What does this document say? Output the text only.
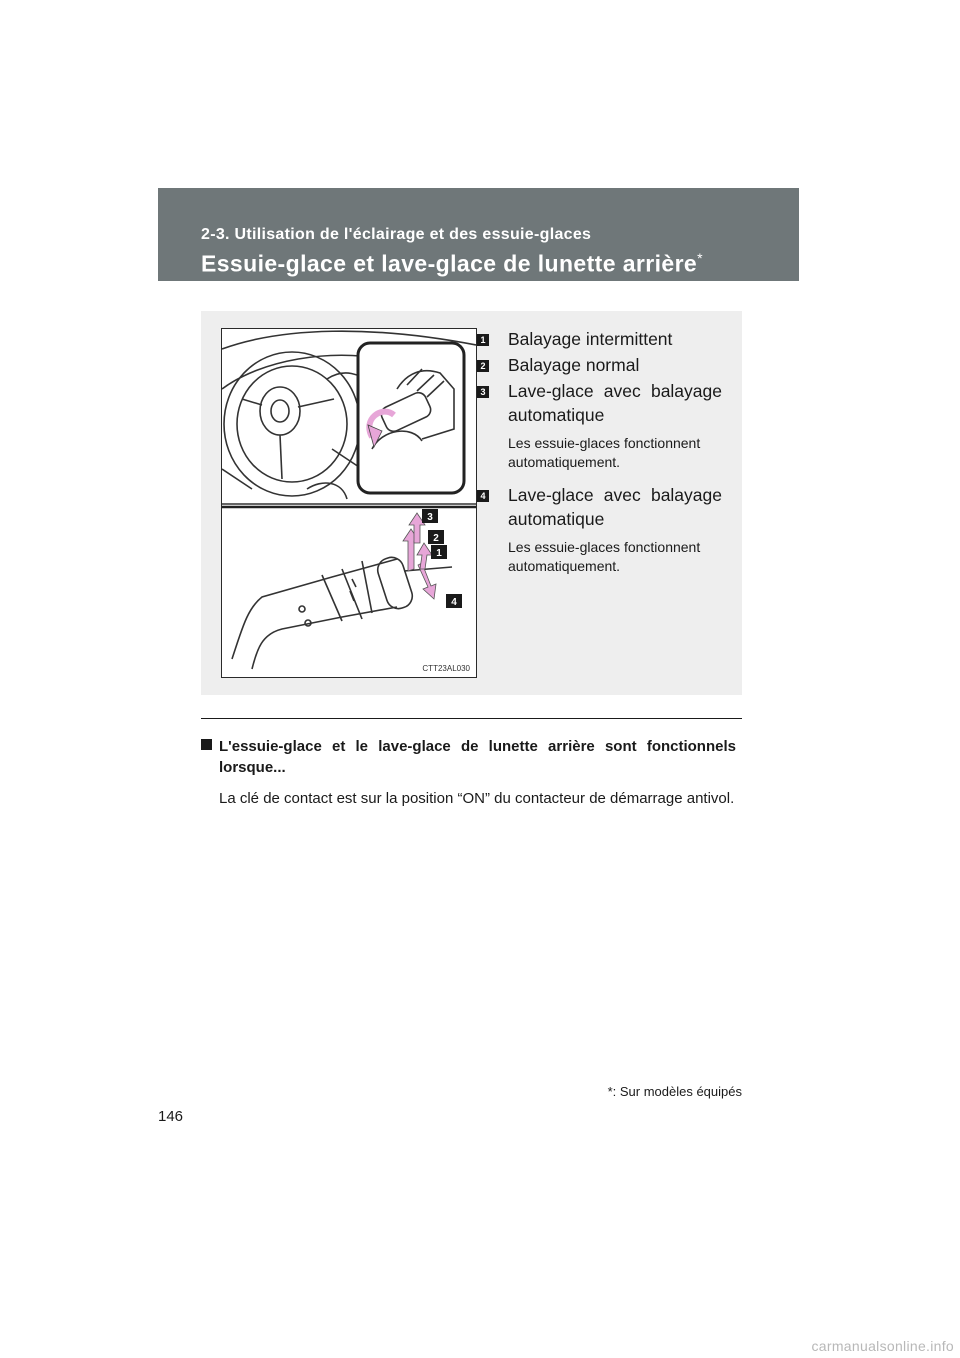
2-3. Utilisation de l'éclairage et des essuie-glaces
Essuie-glace et lave-glace de lunette arrière*
3
2
1
4
CTT23AL030
1 Balayage intermittent
2 Balayage normal
3 Lave-glace avec balayage automatique
Les essuie-glaces fonctionnent automatiquement.
4 Lave-glace avec balayage automatique
Les essuie-glaces fonctionnent automatiquement.
L'essuie-glace et le lave-glace de lunette arrière sont fonctionnels lorsque...
La clé de contact est sur la position “ON” du contacteur de démarrage antivol.
*: Sur modèles équipés
146
carmanualsonline.info
